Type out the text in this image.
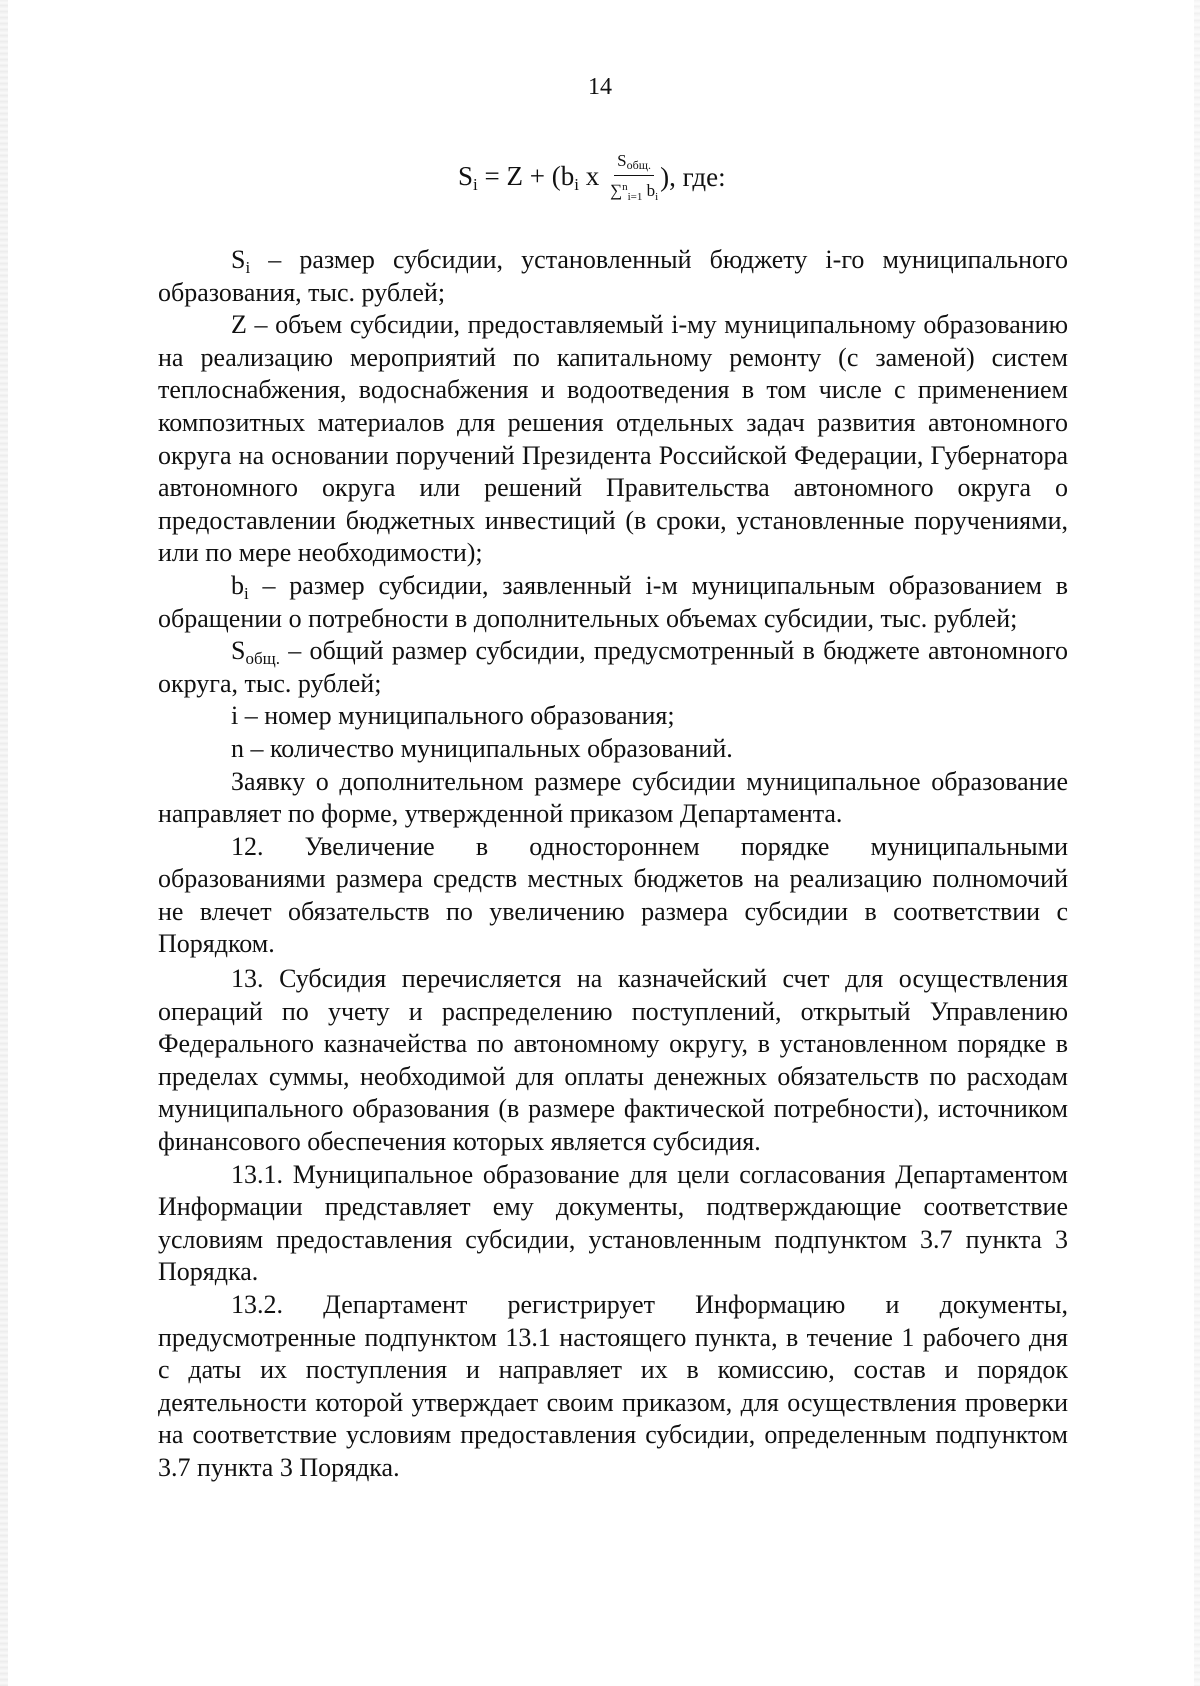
14
$S_i = Z + (b_i$ x $\frac{S_{общ.}}{\sum^n_{i=1} b_i}$ ), где:

$S_i$ – размер субсидии, установленный бюджету i-го муниципального образования, тыс. рублей;

Z – объем субсидии, предоставляемый i-му муниципальному образованию на реализацию мероприятий по капитальному ремонту (с заменой) систем теплоснабжения, водоснабжения и водоотведения в том числе с применением композитных материалов для решения отдельных задач развития автономного округа на основании поручений Президента Российской Федерации, Губернатора автономного округа или решений Правительства автономного округа о предоставлении бюджетных инвестиций (в сроки, установленные поручениями, или по мере необходимости);

$b_i$ – размер субсидии, заявленный i-м муниципальным образованием в обращении о потребности в дополнительных объемах субсидии, тыс. рублей;

$S_{общ.}$ – общий размер субсидии, предусмотренный в бюджете автономного округа, тыс. рублей;

i – номер муниципального образования;

n – количество муниципальных образований.

Заявку о дополнительном размере субсидии муниципальное образование направляет по форме, утвержденной приказом Департамента.

12. Увеличение в одностороннем порядке муниципальными образованиями размера средств местных бюджетов на реализацию полномочий не влечет обязательств по увеличению размера субсидии в соответствии с Порядком.

13. Субсидия перечисляется на казначейский счет для осуществления операций по учету и распределению поступлений, открытый Управлению Федерального казначейства по автономному округу, в установленном порядке в пределах суммы, необходимой для оплаты денежных обязательств по расходам муниципального образования (в размере фактической потребности), источником финансового обеспечения которых является субсидия.

13.1. Муниципальное образование для цели согласования Департаментом Информации представляет ему документы, подтверждающие соответствие условиям предоставления субсидии, установленным подпунктом 3.7 пункта 3 Порядка.

13.2. Департамент регистрирует Информацию и документы, предусмотренные подпунктом 13.1 настоящего пункта, в течение 1 рабочего дня с даты их поступления и направляет их в комиссию, состав и порядок деятельности которой утверждает своим приказом, для осуществления проверки на соответствие условиям предоставления субсидии, определенным подпунктом 3.7 пункта 3 Порядка.
